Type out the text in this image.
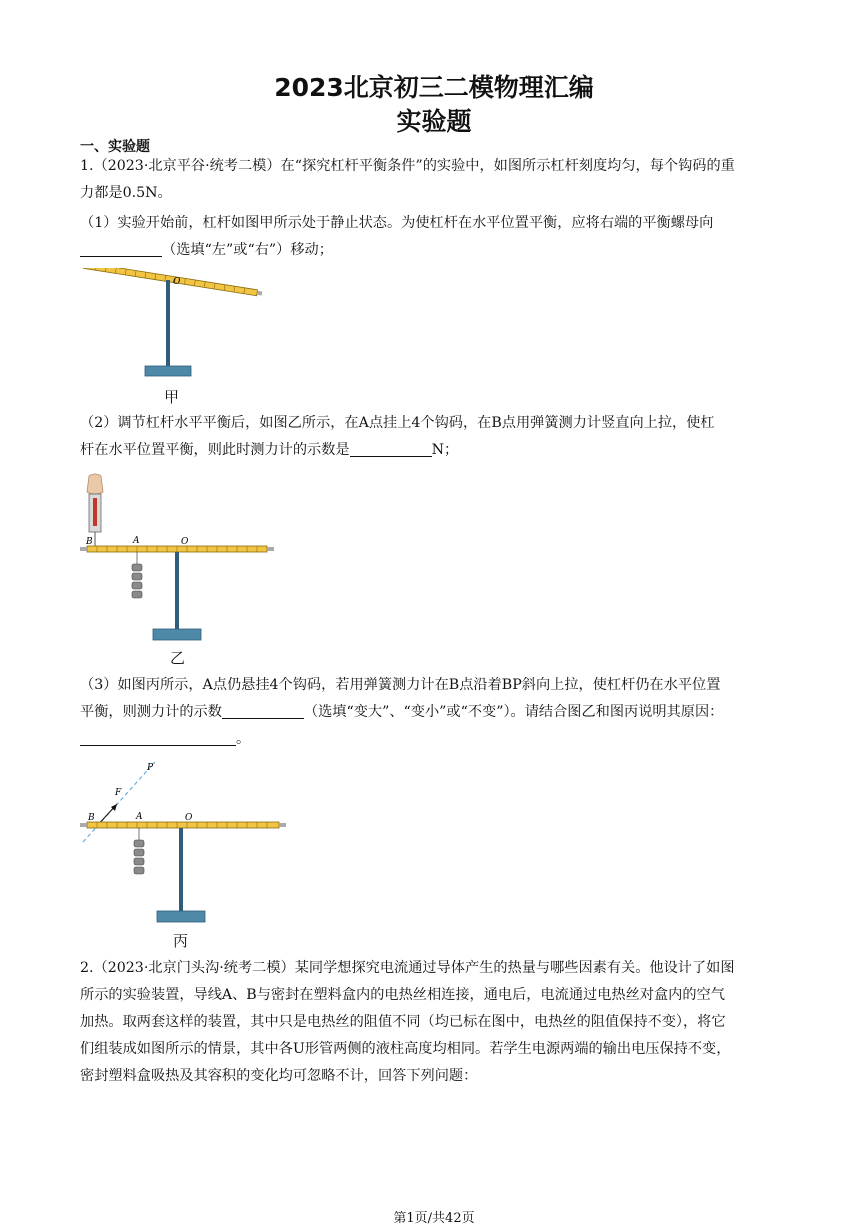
2023北京初三二模物理汇编
实验题
一、实验题
1.（2023·北京平谷·统考二模）在“探究杠杆平衡条件”的实验中，如图所示杠杆刻度均匀，每个钩码的重
力都是0.5N。
（1）实验开始前，杠杆如图甲所示处于静止状态。为使杠杆在水平位置平衡，应将右端的平衡螺母向
（选填“左”或“右”）移动；
O
甲
（2）调节杠杆水平平衡后，如图乙所示，在A点挂上4个钩码，在B点用弹簧测力计竖直向上拉，使杠
杆在水平位置平衡，则此时测力计的示数是	N；
B	A	O
乙
（3）如图丙所示，A点仍悬挂4个钩码，若用弹簧测力计在B点沿着BP斜向上拉，使杠杆仍在水平位置
平衡，则测力计的示数	（选填“变大”、“变小”或“不变”）。请结合图乙和图丙说明其原因：
。
P
F
B	A	O
丙
2.（2023·北京门头沟·统考二模）某同学想探究电流通过导体产生的热量与哪些因素有关。他设计了如图
所示的实验装置，导线A、B与密封在塑料盒内的电热丝相连接，通电后，电流通过电热丝对盒内的空气
加热。取两套这样的装置，其中只是电热丝的阻值不同（均已标在图中，电热丝的阻值保持不变），将它
们组装成如图所示的情景，其中各U形管两侧的液柱高度均相同。若学生电源两端的输出电压保持不变，
密封塑料盒吸热及其容积的变化均可忽略不计，回答下列问题：
第1页/共42页
